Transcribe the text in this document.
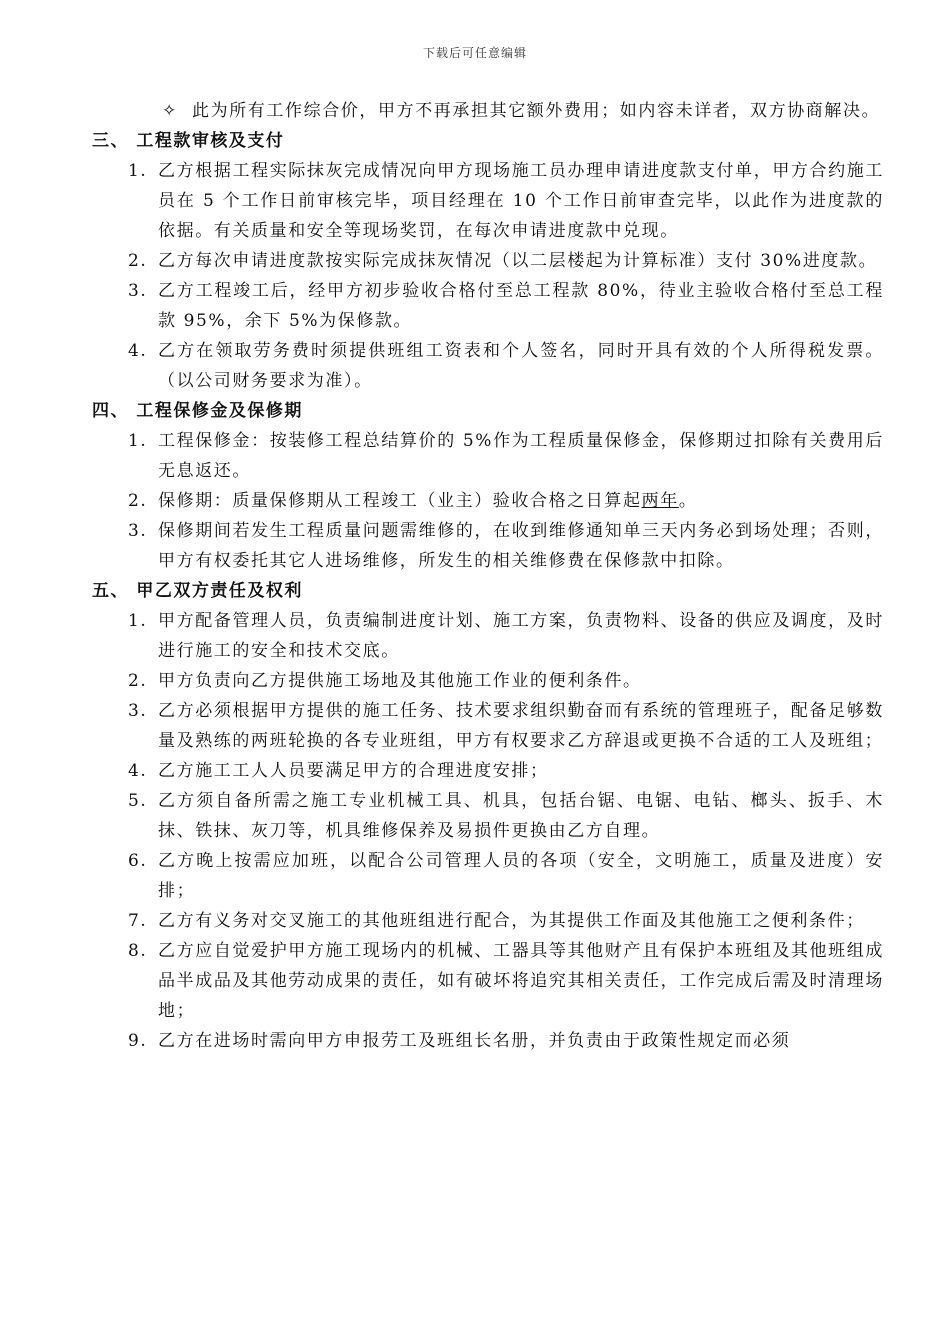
下载后可任意编辑
✧ 此为所有工作综合价，甲方不再承担其它额外费用；如内容未详者，双方协商解决。
三、 工程款审核及支付
1. 乙方根据工程实际抹灰完成情况向甲方现场施工员办理申请进度款支付单，甲方合约施工员在 5 个工作日前审核完毕，项目经理在 10 个工作日前审查完毕，以此作为进度款的依据。有关质量和安全等现场奖罚，在每次申请进度款中兑现。
2. 乙方每次申请进度款按实际完成抹灰情况（以二层楼起为计算标准）支付 30%进度款。
3. 乙方工程竣工后，经甲方初步验收合格付至总工程款 80%，待业主验收合格付至总工程款 95%，余下 5%为保修款。
4. 乙方在领取劳务费时须提供班组工资表和个人签名，同时开具有效的个人所得税发票。（以公司财务要求为准）。
四、 工程保修金及保修期
1. 工程保修金：按装修工程总结算价的 5%作为工程质量保修金，保修期过扣除有关费用后无息返还。
2. 保修期：质量保修期从工程竣工（业主）验收合格之日算起两年。
3. 保修期间若发生工程质量问题需维修的，在收到维修通知单三天内务必到场处理；否则，甲方有权委托其它人进场维修，所发生的相关维修费在保修款中扣除。
五、 甲乙双方责任及权利
1. 甲方配备管理人员，负责编制进度计划、施工方案，负责物料、设备的供应及调度，及时进行施工的安全和技术交底。
2. 甲方负责向乙方提供施工场地及其他施工作业的便利条件。
3. 乙方必须根据甲方提供的施工任务、技术要求组织勤奋而有系统的管理班子，配备足够数量及熟练的两班轮换的各专业班组，甲方有权要求乙方辞退或更换不合适的工人及班组；
4. 乙方施工工人人员要满足甲方的合理进度安排；
5. 乙方须自备所需之施工专业机械工具、机具，包括台锯、电锯、电钻、榔头、扳手、木抹、铁抹、灰刀等，机具维修保养及易损件更换由乙方自理。
6. 乙方晚上按需应加班，以配合公司管理人员的各项（安全，文明施工，质量及进度）安排；
7. 乙方有义务对交叉施工的其他班组进行配合，为其提供工作面及其他施工之便利条件；
8. 乙方应自觉爱护甲方施工现场内的机械、工器具等其他财产且有保护本班组及其他班组成品半成品及其他劳动成果的责任，如有破坏将追究其相关责任，工作完成后需及时清理场地；
9. 乙方在进场时需向甲方申报劳工及班组长名册，并负责由于政策性规定而必须
